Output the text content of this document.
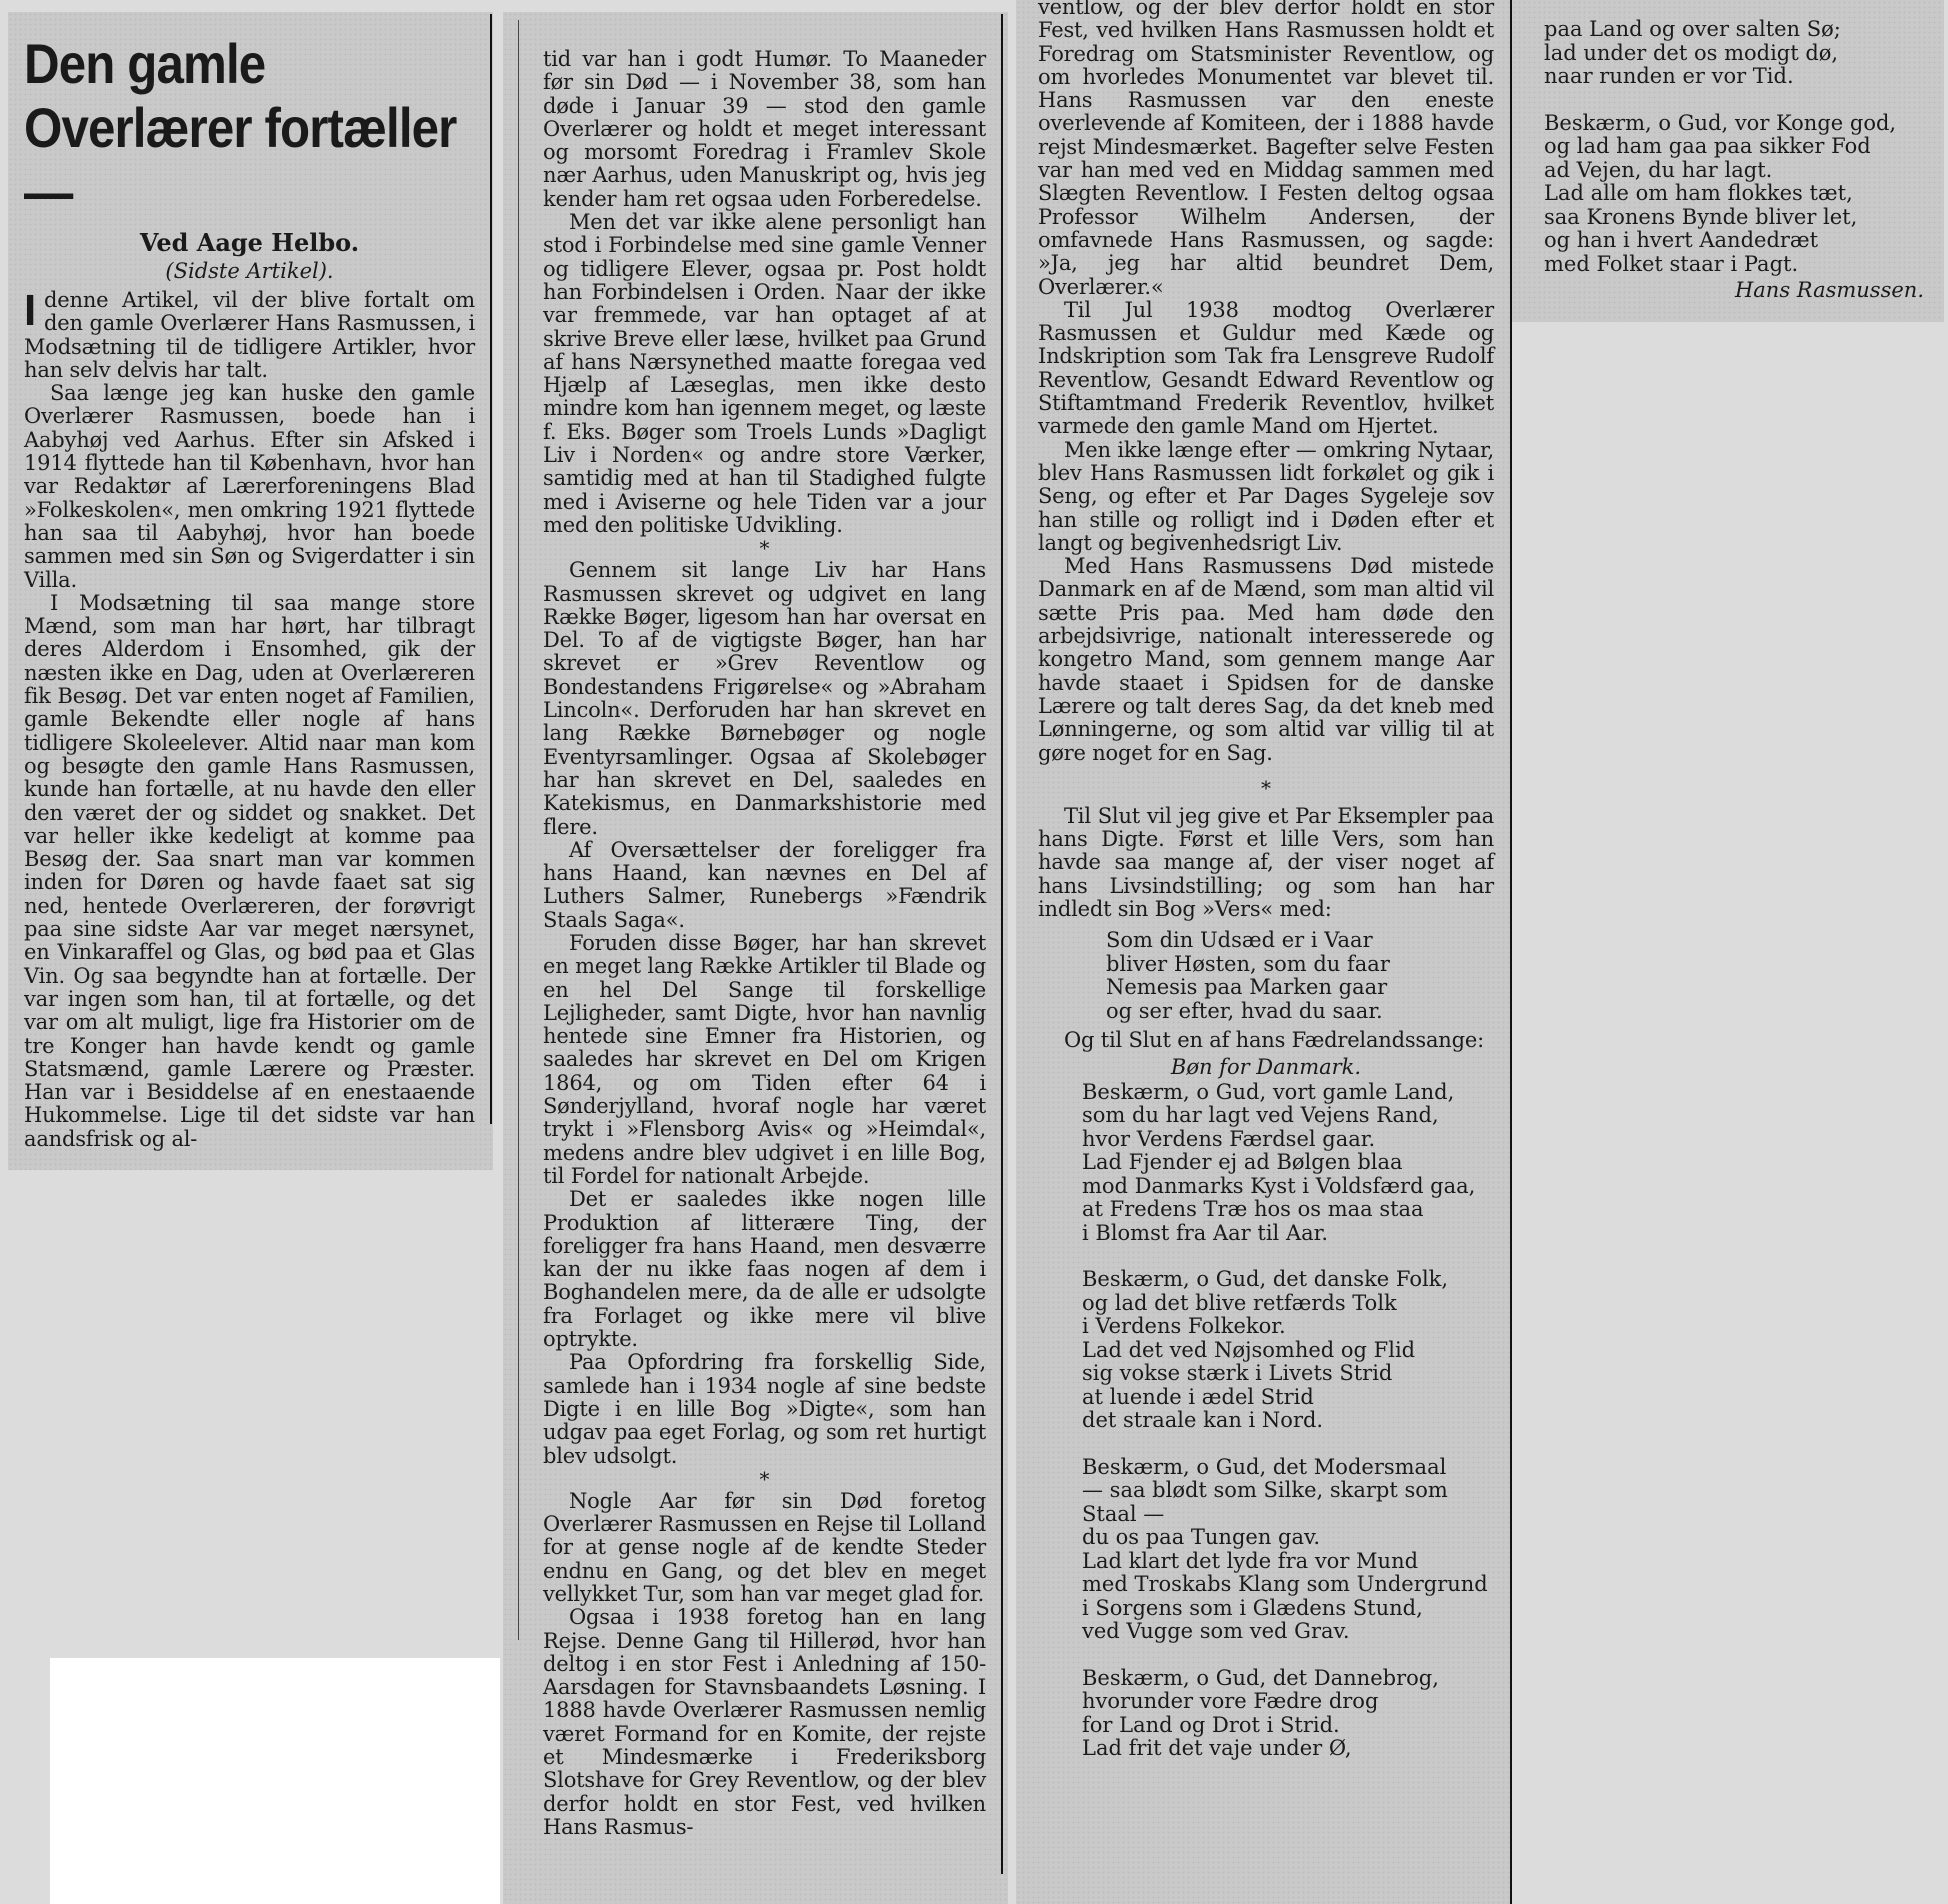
Den gamle Overlærer fortæller —
Ved Aage Helbo.
(Sidste Artikel).

Idenne Artikel, vil der blive fortalt om den gamle Overlærer Hans Rasmussen, i Modsætning til de tidligere Artikler, hvor han selv delvis har talt.

Saa længe jeg kan huske den gamle Overlærer Rasmussen, boede han i Aabyhøj ved Aarhus. Efter sin Afsked i 1914 flyttede han til København, hvor han var Redaktør af Lærerforeningens Blad »Folkeskolen«, men omkring 1921 flyttede han saa til Aabyhøj, hvor han boede sammen med sin Søn og Svigerdatter i sin Villa.

I Modsætning til saa mange store Mænd, som man har hørt, har tilbragt deres Alderdom i Ensomhed, gik der næsten ikke en Dag, uden at Overlæreren fik Besøg. Det var enten noget af Familien, gamle Bekendte eller nogle af hans tidligere Skoleelever. Altid naar man kom og besøgte den gamle Hans Rasmussen, kunde han fortælle, at nu havde den eller den været der og siddet og snakket. Det var heller ikke kedeligt at komme paa Besøg der. Saa snart man var kommen inden for Døren og havde faaet sat sig ned, hentede Overlæreren, der forøvrigt paa sine sidste Aar var meget nærsynet, en Vinkaraffel og Glas, og bød paa et Glas Vin. Og saa begyndte han at fortælle. Der var ingen som han, til at fortælle, og det var om alt muligt, lige fra Historier om de tre Konger han havde kendt og gamle Statsmænd, gamle Lærere og Præster. Han var i Besiddelse af en enestaaende Hukommelse. Lige til det sidste var han aandsfrisk og al-

tid var han i godt Humør. To Maaneder før sin Død — i November 38, som han døde i Januar 39 — stod den gamle Overlærer og holdt et meget interessant og morsomt Foredrag i Framlev Skole nær Aarhus, uden Manuskript og, hvis jeg kender ham ret ogsaa uden Forberedelse.

Men det var ikke alene personligt han stod i Forbindelse med sine gamle Venner og tidligere Elever, ogsaa pr. Post holdt han Forbindelsen i Orden. Naar der ikke var fremmede, var han optaget af at skrive Breve eller læse, hvilket paa Grund af hans Nærsynethed maatte foregaa ved Hjælp af Læseglas, men ikke desto mindre kom han igennem meget, og læste f. Eks. Bøger som Troels Lunds »Dagligt Liv i Norden« og andre store Værker, samtidig med at han til Stadighed fulgte med i Aviserne og hele Tiden var a jour med den politiske Udvikling.

*

Gennem sit lange Liv har Hans Rasmussen skrevet og udgivet en lang Række Bøger, ligesom han har oversat en Del. To af de vigtigste Bøger, han har skrevet er »Grev Reventlow og Bondestandens Frigørelse« og »Abraham Lincoln«. Derforuden har han skrevet en lang Række Børnebøger og nogle Eventyrsamlinger. Ogsaa af Skolebøger har han skrevet en Del, saaledes en Katekismus, en Danmarkshistorie med flere.

Af Oversættelser der foreligger fra hans Haand, kan nævnes en Del af Luthers Salmer, Runebergs »Fændrik Staals Saga«.

Foruden disse Bøger, har han skrevet en meget lang Række Artikler til Blade og en hel Del Sange til forskellige Lejligheder, samt Digte, hvor han navnlig hentede sine Emner fra Historien, og saaledes har skrevet en Del om Krigen 1864, og om Tiden efter 64 i Sønderjylland, hvoraf nogle har været trykt i »Flensborg Avis« og »Heimdal«, medens andre blev udgivet i en lille Bog, til Fordel for nationalt Arbejde.

Det er saaledes ikke nogen lille Produktion af litterære Ting, der foreligger fra hans Haand, men desværre kan der nu ikke faas nogen af dem i Boghandelen mere, da de alle er udsolgte fra Forlaget og ikke mere vil blive optrykte.

Paa Opfordring fra forskellig Side, samlede han i 1934 nogle af sine bedste Digte i en lille Bog »Digte«, som han udgav paa eget Forlag, og som ret hurtigt blev udsolgt.

*

Nogle Aar før sin Død foretog Overlærer Rasmussen en Rejse til Lolland for at gense nogle af de kendte Steder endnu en Gang, og det blev en meget vellykket Tur, som han var meget glad for.

Ogsaa i 1938 foretog han en lang Rejse. Denne Gang til Hillerød, hvor han deltog i en stor Fest i Anledning af 150-Aarsdagen for Stavnsbaandets Løsning. I 1888 havde Overlærer Rasmussen nemlig været Formand for en Komite, der rejste et Mindesmærke i Frederiksborg Slotshave for Grey Reventlow, og der blev derfor holdt en stor Fest, ved hvilken Hans Rasmus-

ventlow, og der blev derfor holdt en stor Fest, ved hvilken Hans Rasmussen holdt et Foredrag om Statsminister Reventlow, og om hvorledes Monumentet var blevet til. Hans Rasmussen var den eneste overlevende af Komiteen, der i 1888 havde rejst Mindesmærket. Bagefter selve Festen var han med ved en Middag sammen med Slægten Reventlow. I Festen deltog ogsaa Professor Wilhelm Andersen, der omfavnede Hans Rasmussen, og sagde: »Ja, jeg har altid beundret Dem, Overlærer.«

Til Jul 1938 modtog Overlærer Rasmussen et Guldur med Kæde og Indskription som Tak fra Lensgreve Rudolf Reventlow, Gesandt Edward Reventlow og Stiftamtmand Frederik Reventlov, hvilket varmede den gamle Mand om Hjertet.

Men ikke længe efter — omkring Nytaar, blev Hans Rasmussen lidt forkølet og gik i Seng, og efter et Par Dages Sygeleje sov han stille og rolligt ind i Døden efter et langt og begivenhedsrigt Liv.

Med Hans Rasmussens Død mistede Danmark en af de Mænd, som man altid vil sætte Pris paa. Med ham døde den arbejdsivrige, nationalt interesserede og kongetro Mand, som gennem mange Aar havde staaet i Spidsen for de danske Lærere og talt deres Sag, da det kneb med Lønningerne, og som altid var villig til at gøre noget for en Sag.

*

Til Slut vil jeg give et Par Eksempler paa hans Digte. Først et lille Vers, som han havde saa mange af, der viser noget af hans Livsindstilling; og som han har indledt sin Bog »Vers« med:

Som din Udsæd er i Vaar
bliver Høsten, som du faar
Nemesis paa Marken gaar
og ser efter, hvad du saar.

Og til Slut en af hans Fædrelandssange:

Bøn for Danmark.
Beskærm, o Gud, vort gamle Land,
som du har lagt ved Vejens Rand,
hvor Verdens Færdsel gaar.
Lad Fjender ej ad Bølgen blaa
mod Danmarks Kyst i Voldsfærd gaa,
at Fredens Træ hos os maa staa
i Blomst fra Aar til Aar.
Beskærm, o Gud, det danske Folk,
og lad det blive retfærds Tolk
i Verdens Folkekor.
Lad det ved Nøjsomhed og Flid
sig vokse stærk i Livets Strid
at luende i ædel Strid
det straale kan i Nord.
Beskærm, o Gud, det Modersmaal
— saa blødt som Silke, skarpt som Staal —
du os paa Tungen gav.
Lad klart det lyde fra vor Mund
med Troskabs Klang som Undergrund
i Sorgens som i Glædens Stund,
ved Vugge som ved Grav.
Beskærm, o Gud, det Dannebrog,
hvorunder vore Fædre drog
for Land og Drot i Strid.
Lad frit det vaje under Ø,
paa Land og over salten Sø;
lad under det os modigt dø,
naar runden er vor Tid.
Beskærm, o Gud, vor Konge god,
og lad ham gaa paa sikker Fod
ad Vejen, du har lagt.
Lad alle om ham flokkes tæt,
saa Kronens Bynde bliver let,
og han i hvert Aandedræt
med Folket staar i Pagt.
Hans Rasmussen.
